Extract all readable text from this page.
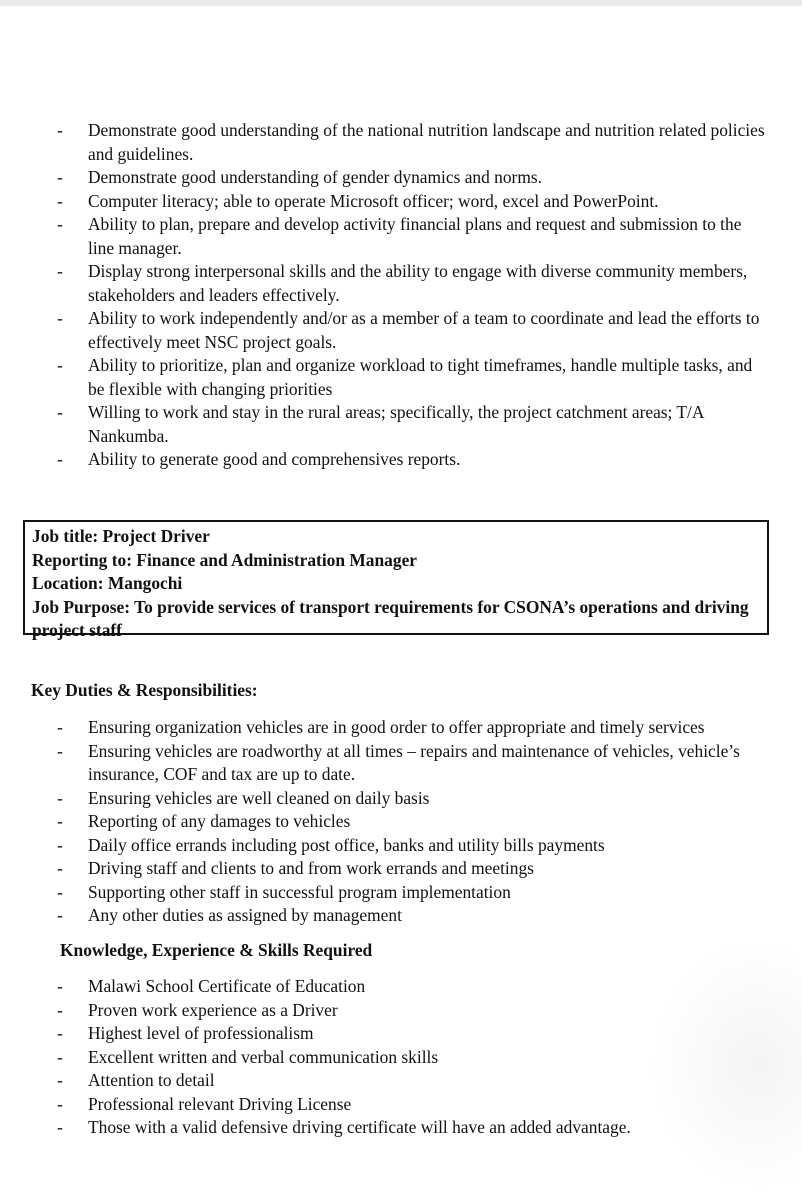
- Demonstrate good understanding of the national nutrition landscape and nutrition related policies and guidelines.
- Demonstrate good understanding of gender dynamics and norms.
- Computer literacy; able to operate Microsoft officer; word, excel and PowerPoint.
- Ability to plan, prepare and develop activity financial plans and request and submission to the line manager.
- Display strong interpersonal skills and the ability to engage with diverse community members, stakeholders and leaders effectively.
- Ability to work independently and/or as a member of a team to coordinate and lead the efforts to effectively meet NSC project goals.
- Ability to prioritize, plan and organize workload to tight timeframes, handle multiple tasks, and be flexible with changing priorities
- Willing to work and stay in the rural areas; specifically, the project catchment areas; T/A Nankumba.
- Ability to generate good and comprehensives reports.
Job title: Project Driver
Reporting to: Finance and Administration Manager
Location: Mangochi
Job Purpose: To provide services of transport requirements for CSONA’s operations and driving project staff
Key Duties & Responsibilities:
- Ensuring organization vehicles are in good order to offer appropriate and timely services
- Ensuring vehicles are roadworthy at all times – repairs and maintenance of vehicles, vehicle’s insurance, COF and tax are up to date.
- Ensuring vehicles are well cleaned on daily basis
- Reporting of any damages to vehicles
- Daily office errands including post office, banks and utility bills payments
- Driving staff and clients to and from work errands and meetings
- Supporting other staff in successful program implementation
- Any other duties as assigned by management
Knowledge, Experience & Skills Required
- Malawi School Certificate of Education
- Proven work experience as a Driver
- Highest level of professionalism
- Excellent written and verbal communication skills
- Attention to detail
- Professional relevant Driving License
- Those with a valid defensive driving certificate will have an added advantage.
